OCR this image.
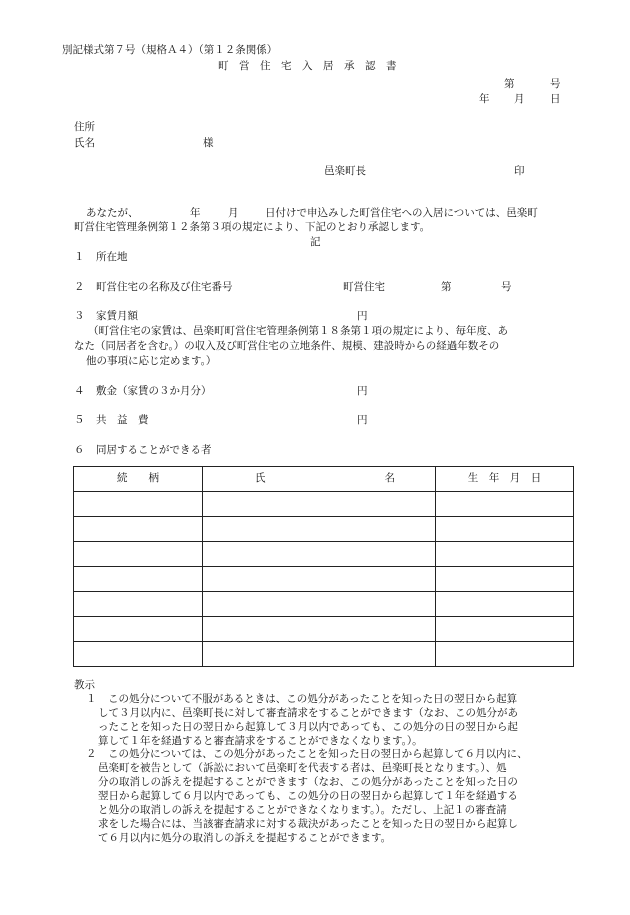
別記様式第７号（規格Ａ４）（第１２条関係）
町　営　住　宅　入　居　承　認　書
第	号
年 月 日
住所
氏名	様
邑楽町長	印
あなたが、	年	月	日付けで申込みした町営住宅への入居については、邑楽町
町営住宅管理条例第１２条第３項の規定により、下記のとおり承認します。
記
１ 所在地
２ 町営住宅の名称及び住宅番号	町営住宅	第	号
３ 家賃月額	円
（町営住宅の家賃は、邑楽町町営住宅管理条例第１８条第１項の規定により、毎年度、あ
なた（同居者を含む。）の収入及び町営住宅の立地条件、規模、建設時からの経過年数その
他の事項に応じ定めます。）
４ 敷金（家賃の３か月分）	円
５ 共　益　費	円
６ 同居することができる者
続　　柄	氏 名	生　年　月　日

教示
１ この処分について不服があるときは、この処分があったことを知った日の翌日から起算
して３月以内に、邑楽町長に対して審査請求をすることができます（なお、この処分があ
ったことを知った日の翌日から起算して３月以内であっても、この処分の日の翌日から起
算して１年を経過すると審査請求をすることができなくなります。）。
２ この処分については、この処分があったことを知った日の翌日から起算して６月以内に、
邑楽町を被告として（訴訟において邑楽町を代表する者は、邑楽町長となります。）、処
分の取消しの訴えを提起することができます（なお、この処分があったことを知った日の
翌日から起算して６月以内であっても、この処分の日の翌日から起算して１年を経過する
と処分の取消しの訴えを提起することができなくなります。）。ただし、上記１の審査請
求をした場合には、当該審査請求に対する裁決があったことを知った日の翌日から起算し
て６月以内に処分の取消しの訴えを提起することができます。
